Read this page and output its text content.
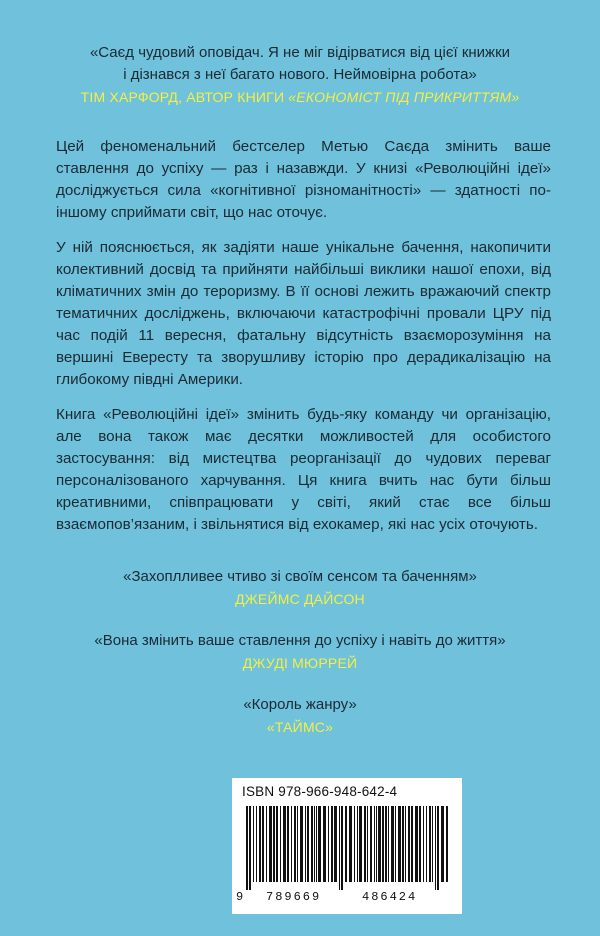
«Саєд чудовий оповідач. Я не міг відірватися від цієї книжки
і дізнався з неї багато нового. Неймовірна робота»
ТІМ ХАРФОРД, АВТОР КНИГИ «ЕКОНОМІСТ ПІД ПРИКРИТТЯМ»

Цей феноменальний бестселер Метью Саєда змінить ваше ставлення до успіху — раз і назавжди. У книзі «Революційні ідеї» досліджується сила «когнітивної різноманітності» — здатності по-іншому сприймати світ, що нас оточує.

У ній пояснюється, як задіяти наше унікальне бачення, накопичити колективний досвід та прийняти найбільші виклики нашої епохи, від кліматичних змін до тероризму. В її основі лежить вражаючий спектр тематичних досліджень, включаючи катастрофічні провали ЦРУ під час подій 11 вересня, фатальну відсутність взаєморозуміння на вершині Евересту та зворушливу історію про дерадикалізацію на глибокому півдні Америки.

Книга «Революційні ідеї» змінить будь-яку команду чи організацію, але вона також має десятки можливостей для особистого застосування: від мистецтва реорганізації до чудових переваг персоналізованого харчування. Ця книга вчить нас бути більш креативними, співпрацювати у світі, який стає все більш взаємопов’язаним, і звільнятися від ехокамер, які нас усіх оточують.

«Захоплливее чтиво зі своїм сенсом та баченням»
ДЖЕЙМС ДАЙСОН
«Вона змінить ваше ставлення до успіху і навіть до життя»
ДЖУДІ МЮРРЕЙ
«Король жанру»
«ТАЙМС»
ISBN 978-966-948-642-4
9 789669	486424
